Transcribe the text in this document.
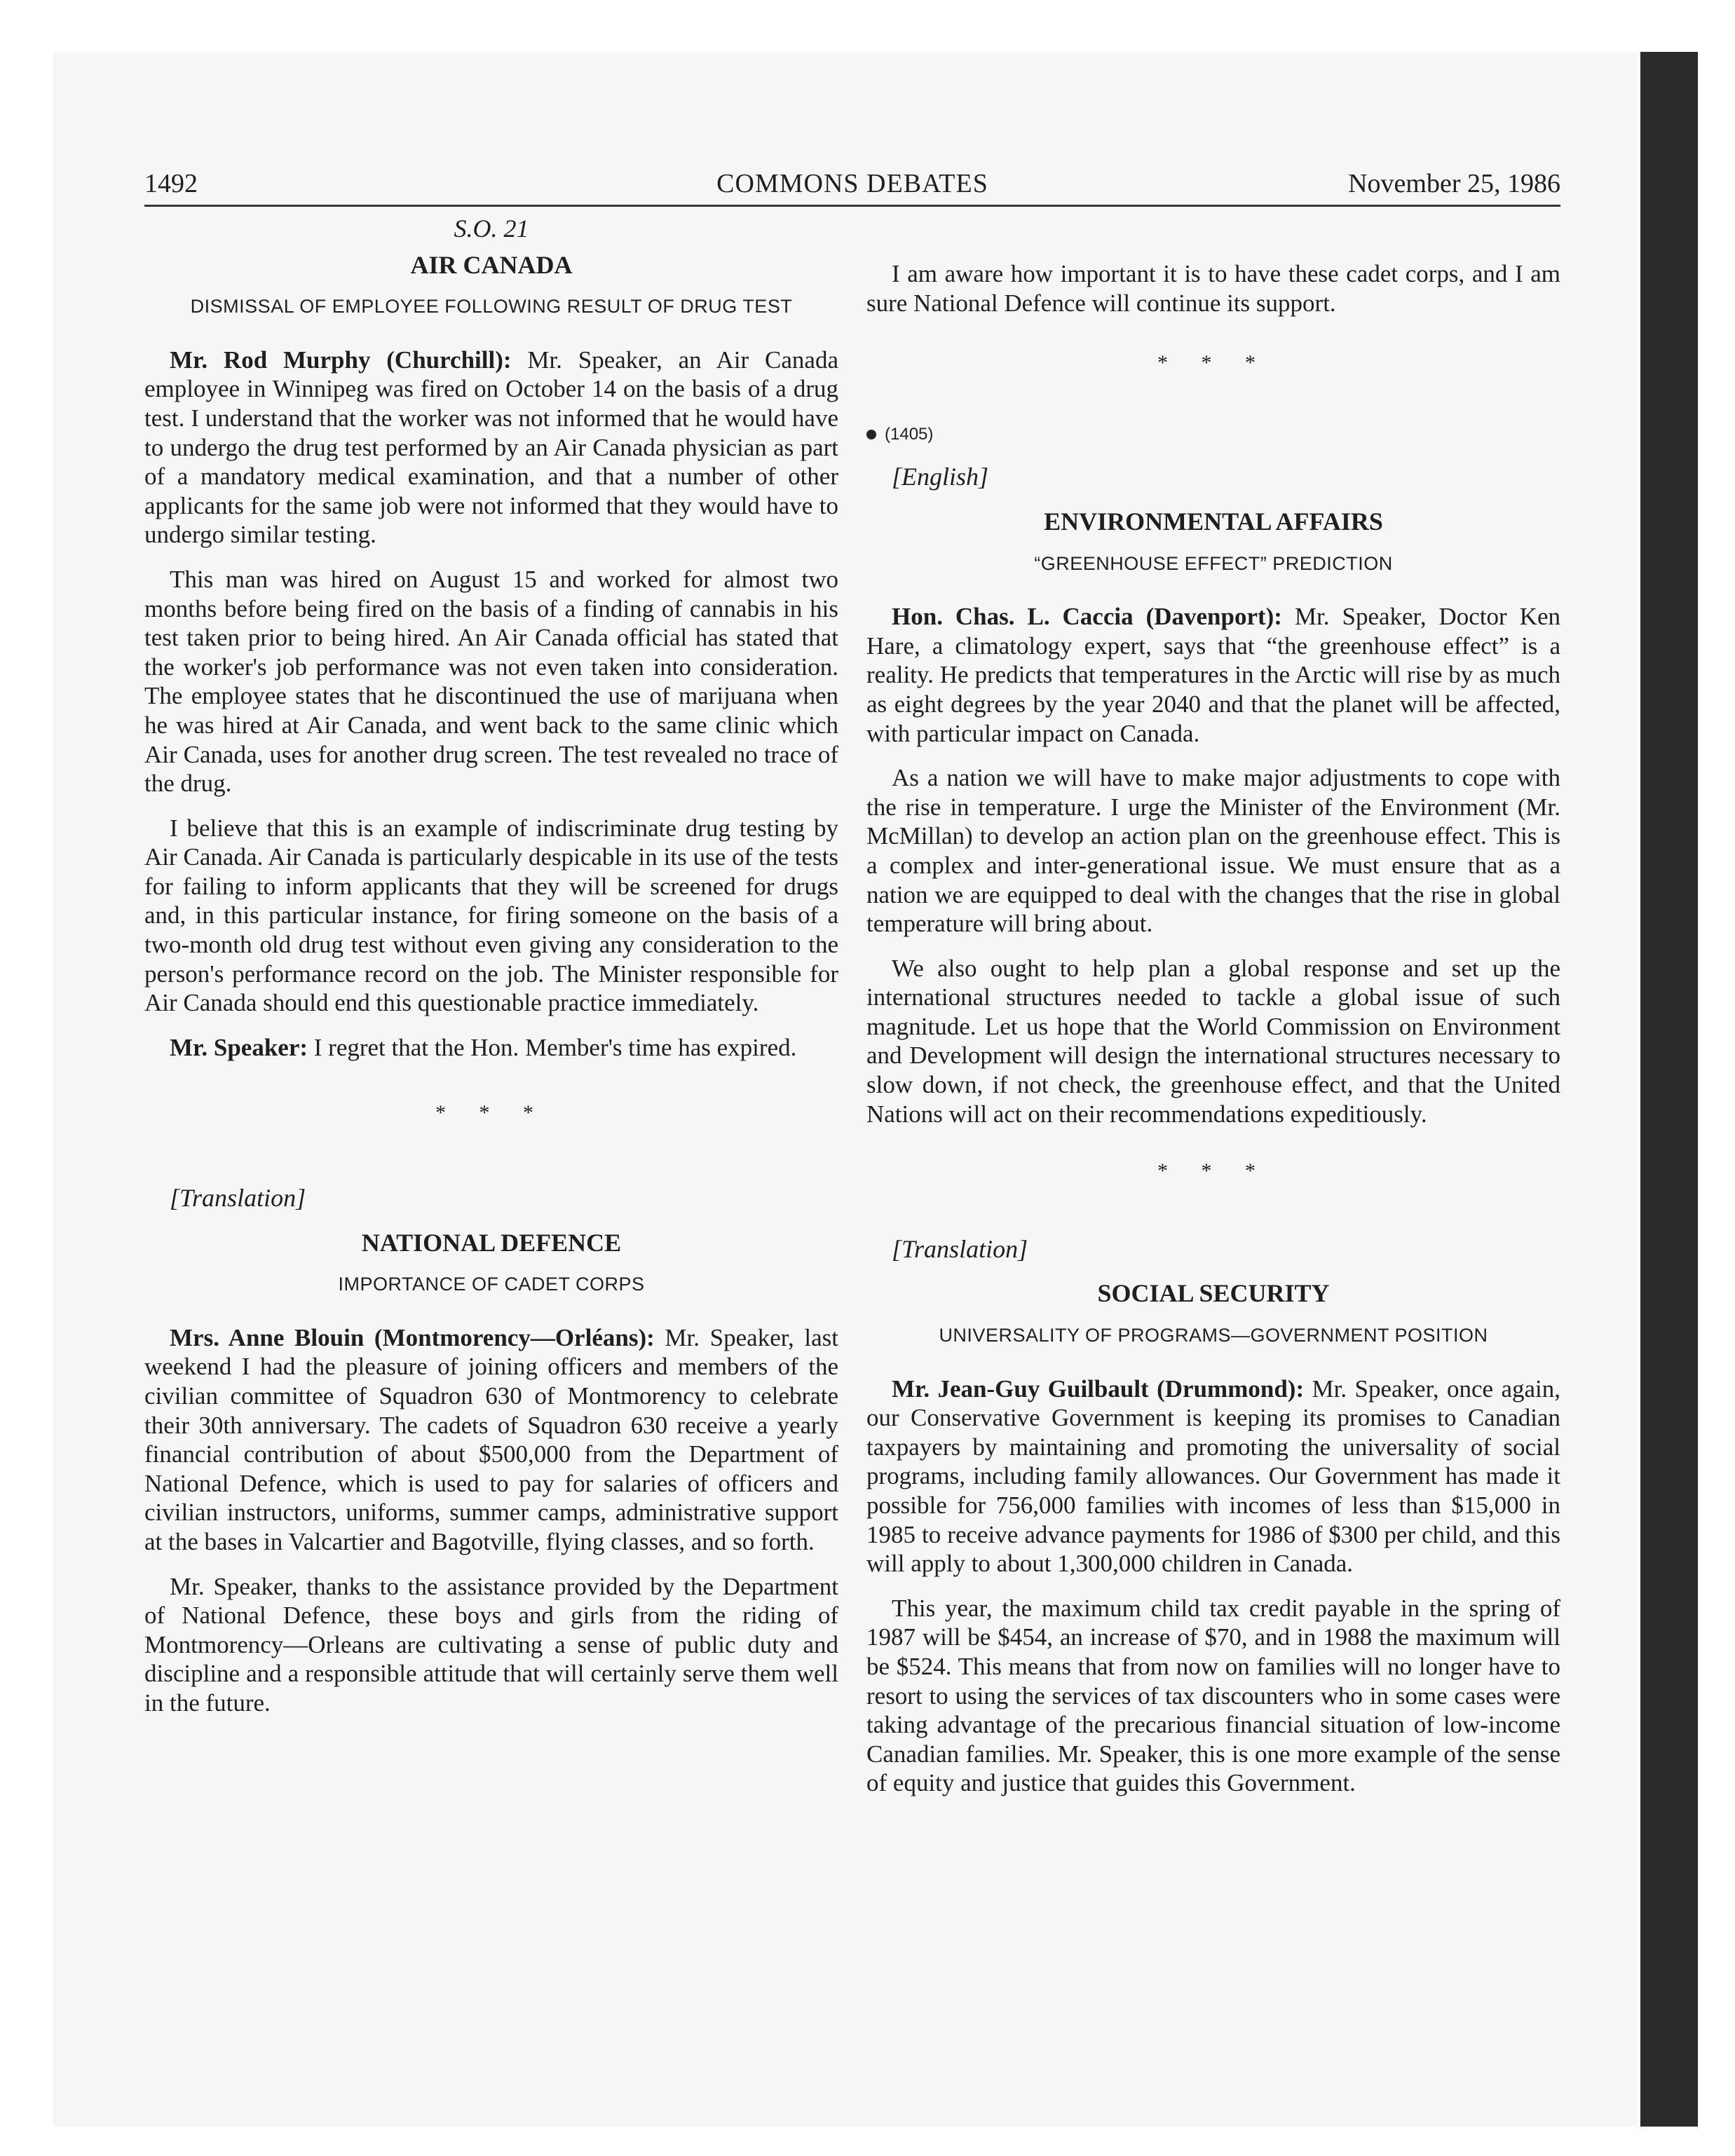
1492	COMMONS DEBATES	November 25, 1986
S.O. 21
AIR CANADA
DISMISSAL OF EMPLOYEE FOLLOWING RESULT OF DRUG TEST

Mr. Rod Murphy (Churchill): Mr. Speaker, an Air Canada employee in Winnipeg was fired on October 14 on the basis of a drug test. I understand that the worker was not informed that he would have to undergo the drug test performed by an Air Canada physician as part of a mandatory medical examination, and that a number of other applicants for the same job were not informed that they would have to undergo similar testing.

This man was hired on August 15 and worked for almost two months before being fired on the basis of a finding of cannabis in his test taken prior to being hired. An Air Canada official has stated that the worker's job performance was not even taken into consideration. The employee states that he discontinued the use of marijuana when he was hired at Air Canada, and went back to the same clinic which Air Canada, uses for another drug screen. The test revealed no trace of the drug.

I believe that this is an example of indiscriminate drug testing by Air Canada. Air Canada is particularly despicable in its use of the tests for failing to inform applicants that they will be screened for drugs and, in this particular instance, for firing someone on the basis of a two-month old drug test without even giving any consideration to the person's performance record on the job. The Minister responsible for Air Canada should end this questionable practice immediately.

Mr. Speaker: I regret that the Hon. Member's time has expired.

* * *

[Translation]

NATIONAL DEFENCE
IMPORTANCE OF CADET CORPS

Mrs. Anne Blouin (Montmorency—Orléans): Mr. Speaker, last weekend I had the pleasure of joining officers and members of the civilian committee of Squadron 630 of Montmorency to celebrate their 30th anniversary. The cadets of Squadron 630 receive a yearly financial contribution of about $500,000 from the Department of National Defence, which is used to pay for salaries of officers and civilian instructors, uniforms, summer camps, administrative support at the bases in Valcartier and Bagotville, flying classes, and so forth.

Mr. Speaker, thanks to the assistance provided by the Department of National Defence, these boys and girls from the riding of Montmorency—Orleans are cultivating a sense of public duty and discipline and a responsible attitude that will certainly serve them well in the future.

I am aware how important it is to have these cadet corps, and I am sure National Defence will continue its support.

* * *
(1405)

[English]

ENVIRONMENTAL AFFAIRS
“GREENHOUSE EFFECT” PREDICTION

Hon. Chas. L. Caccia (Davenport): Mr. Speaker, Doctor Ken Hare, a climatology expert, says that “the greenhouse effect” is a reality. He predicts that temperatures in the Arctic will rise by as much as eight degrees by the year 2040 and that the planet will be affected, with particular impact on Canada.

As a nation we will have to make major adjustments to cope with the rise in temperature. I urge the Minister of the Environment (Mr. McMillan) to develop an action plan on the greenhouse effect. This is a complex and inter-generational issue. We must ensure that as a nation we are equipped to deal with the changes that the rise in global temperature will bring about.

We also ought to help plan a global response and set up the international structures needed to tackle a global issue of such magnitude. Let us hope that the World Commission on Environment and Development will design the international structures necessary to slow down, if not check, the greenhouse effect, and that the United Nations will act on their recommendations expeditiously.

* * *

[Translation]

SOCIAL SECURITY
UNIVERSALITY OF PROGRAMS—GOVERNMENT POSITION

Mr. Jean-Guy Guilbault (Drummond): Mr. Speaker, once again, our Conservative Government is keeping its promises to Canadian taxpayers by maintaining and promoting the universality of social programs, including family allowances. Our Government has made it possible for 756,000 families with incomes of less than $15,000 in 1985 to receive advance payments for 1986 of $300 per child, and this will apply to about 1,300,000 children in Canada.

This year, the maximum child tax credit payable in the spring of 1987 will be $454, an increase of $70, and in 1988 the maximum will be $524. This means that from now on families will no longer have to resort to using the services of tax discounters who in some cases were taking advantage of the precarious financial situation of low-income Canadian families. Mr. Speaker, this is one more example of the sense of equity and justice that guides this Government.
